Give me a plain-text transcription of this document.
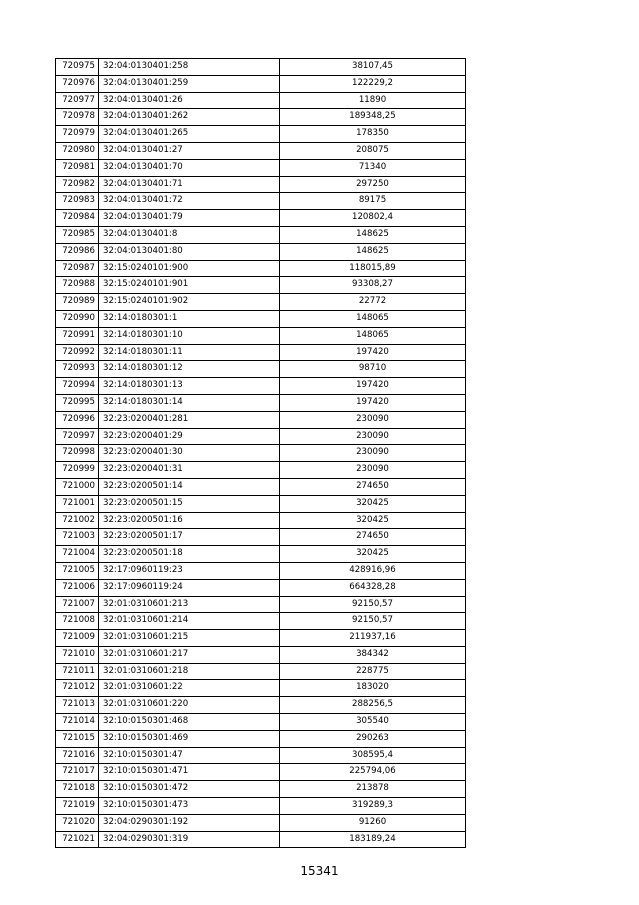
720975	32:04:0130401:258	38107,45
720976	32:04:0130401:259	122229,2
720977	32:04:0130401:26	11890
720978	32:04:0130401:262	189348,25
720979	32:04:0130401:265	178350
720980	32:04:0130401:27	208075
720981	32:04:0130401:70	71340
720982	32:04:0130401:71	297250
720983	32:04:0130401:72	89175
720984	32:04:0130401:79	120802,4
720985	32:04:0130401:8	148625
720986	32:04:0130401:80	148625
720987	32:15:0240101:900	118015,89
720988	32:15:0240101:901	93308,27
720989	32:15:0240101:902	22772
720990	32:14:0180301:1	148065
720991	32:14:0180301:10	148065
720992	32:14:0180301:11	197420
720993	32:14:0180301:12	98710
720994	32:14:0180301:13	197420
720995	32:14:0180301:14	197420
720996	32:23:0200401:281	230090
720997	32:23:0200401:29	230090
720998	32:23:0200401:30	230090
720999	32:23:0200401:31	230090
721000	32:23:0200501:14	274650
721001	32:23:0200501:15	320425
721002	32:23:0200501:16	320425
721003	32:23:0200501:17	274650
721004	32:23:0200501:18	320425
721005	32:17:0960119:23	428916,96
721006	32:17:0960119:24	664328,28
721007	32:01:0310601:213	92150,57
721008	32:01:0310601:214	92150,57
721009	32:01:0310601:215	211937,16
721010	32:01:0310601:217	384342
721011	32:01:0310601:218	228775
721012	32:01:0310601:22	183020
721013	32:01:0310601:220	288256,5
721014	32:10:0150301:468	305540
721015	32:10:0150301:469	290263
721016	32:10:0150301:47	308595,4
721017	32:10:0150301:471	225794,06
721018	32:10:0150301:472	213878
721019	32:10:0150301:473	319289,3
721020	32:04:0290301:192	91260
721021	32:04:0290301:319	183189,24
15341
